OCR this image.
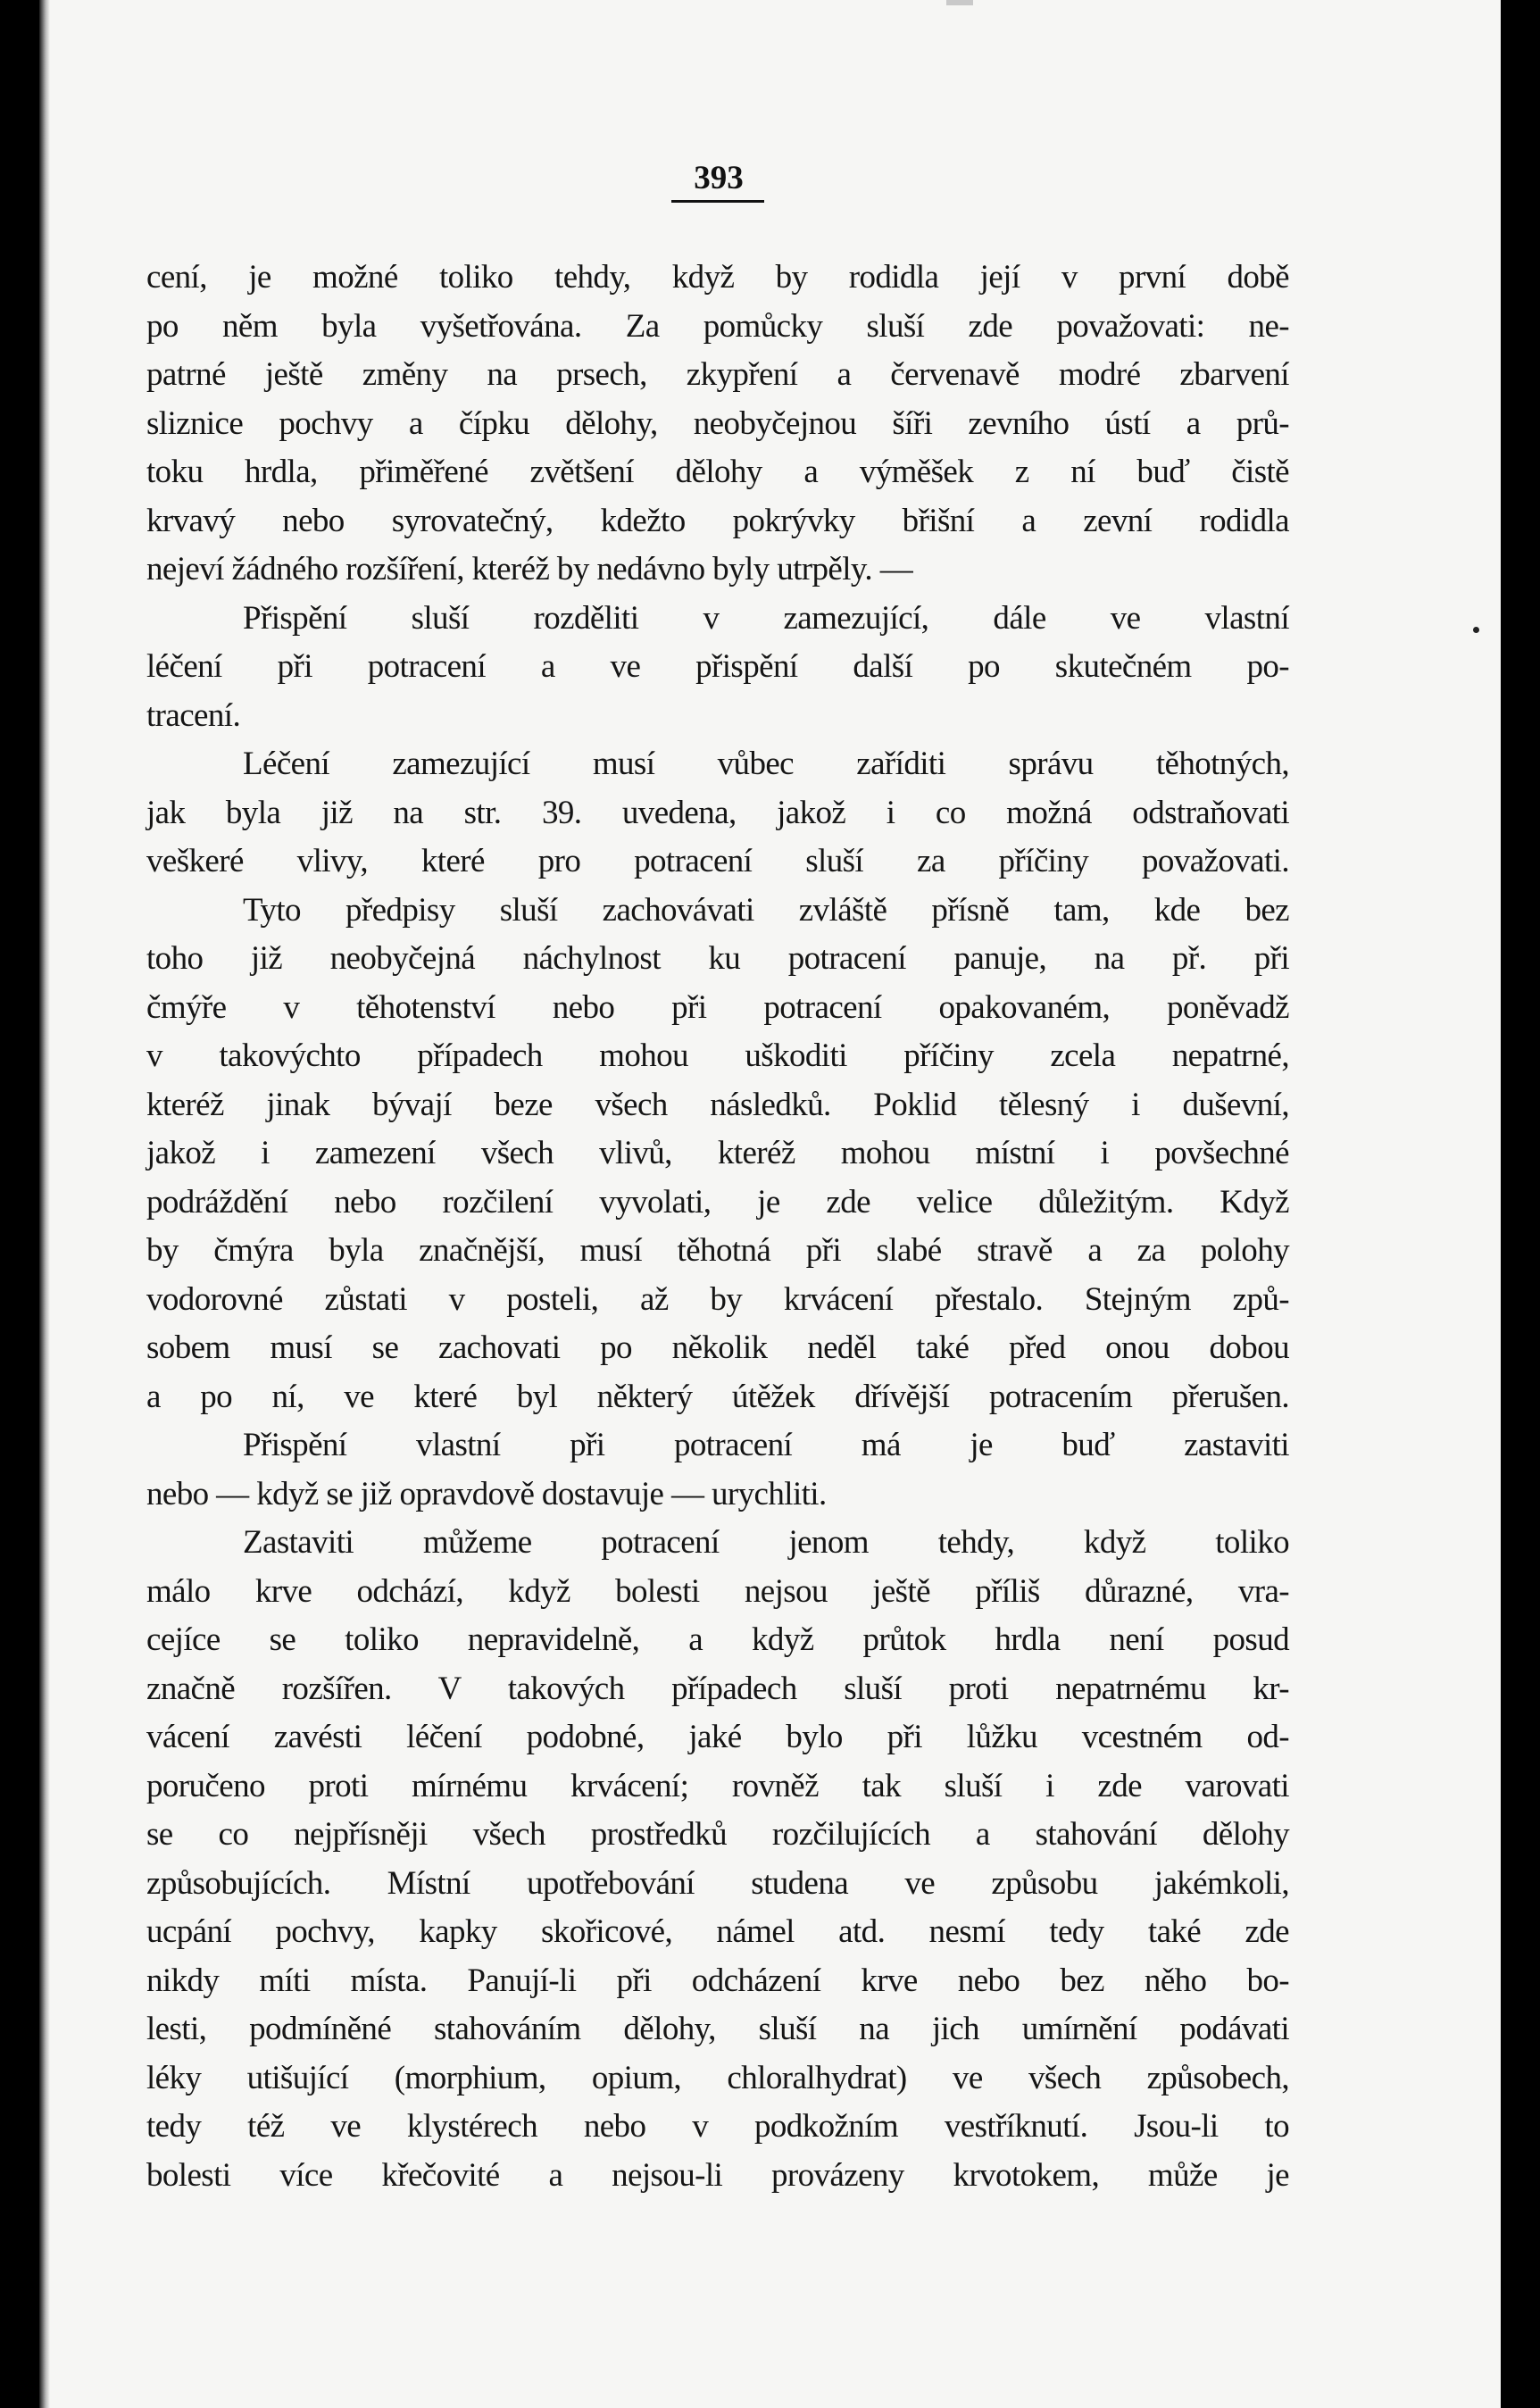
393
cení, je možné toliko tehdy, když by rodidla její v první době
po něm byla vyšetřována. Za pomůcky sluší zde považovati: ne-
patrné ještě změny na prsech, zkypření a červenavě modré zbarvení
sliznice pochvy a čípku dělohy, neobyčejnou šíři zevního ústí a prů-
toku hrdla, přiměřené zvětšení dělohy a výměšek z ní buď čistě
krvavý nebo syrovatečný, kdežto pokrývky břišní a zevní rodidla
nejeví žádného rozšíření, kteréž by nedávno byly utrpěly. —
Přispění sluší rozděliti v zamezující, dále ve vlastní
léčení při potracení a ve přispění další po skutečném po-
tracení.
Léčení zamezující musí vůbec zaříditi správu těhotných,
jak byla již na str. 39. uvedena, jakož i co možná odstraňovati
veškeré vlivy, které pro potracení sluší za příčiny považovati.
Tyto předpisy sluší zachovávati zvláště přísně tam, kde bez
toho již neobyčejná náchylnost ku potracení panuje, na př. při
čmýře v těhotenství nebo při potracení opakovaném, poněvadž
v takovýchto případech mohou uškoditi příčiny zcela nepatrné,
kteréž jinak bývají beze všech následků. Poklid tělesný i duševní,
jakož i zamezení všech vlivů, kteréž mohou místní i povšechné
podráždění nebo rozčilení vyvolati, je zde velice důležitým. Když
by čmýra byla značnější, musí těhotná při slabé stravě a za polohy
vodorovné zůstati v posteli, až by krvácení přestalo. Stejným způ-
sobem musí se zachovati po několik neděl také před onou dobou
a po ní, ve které byl některý útěžek dřívější potracením přerušen.
Přispění vlastní při potracení má je buď zastaviti
nebo — když se již opravdově dostavuje — urychliti.
Zastaviti můžeme potracení jenom tehdy, když toliko
málo krve odchází, když bolesti nejsou ještě příliš důrazné, vra-
cejíce se toliko nepravidelně, a když průtok hrdla není posud
značně rozšířen. V takových případech sluší proti nepatrnému kr-
vácení zavésti léčení podobné, jaké bylo při lůžku vcestném od-
poručeno proti mírnému krvácení; rovněž tak sluší i zde varovati
se co nejpřísněji všech prostředků rozčilujících a stahování dělohy
způsobujících. Místní upotřebování studena ve způsobu jakémkoli,
ucpání pochvy, kapky skořicové, námel atd. nesmí tedy také zde
nikdy míti místa. Panují-li při odcházení krve nebo bez něho bo-
lesti, podmíněné stahováním dělohy, sluší na jich umírnění podávati
léky utišující (morphium, opium, chloralhydrat) ve všech způsobech,
tedy též ve klystérech nebo v podkožním vestříknutí. Jsou-li to
bolesti více křečovité a nejsou-li provázeny krvotokem, může je
